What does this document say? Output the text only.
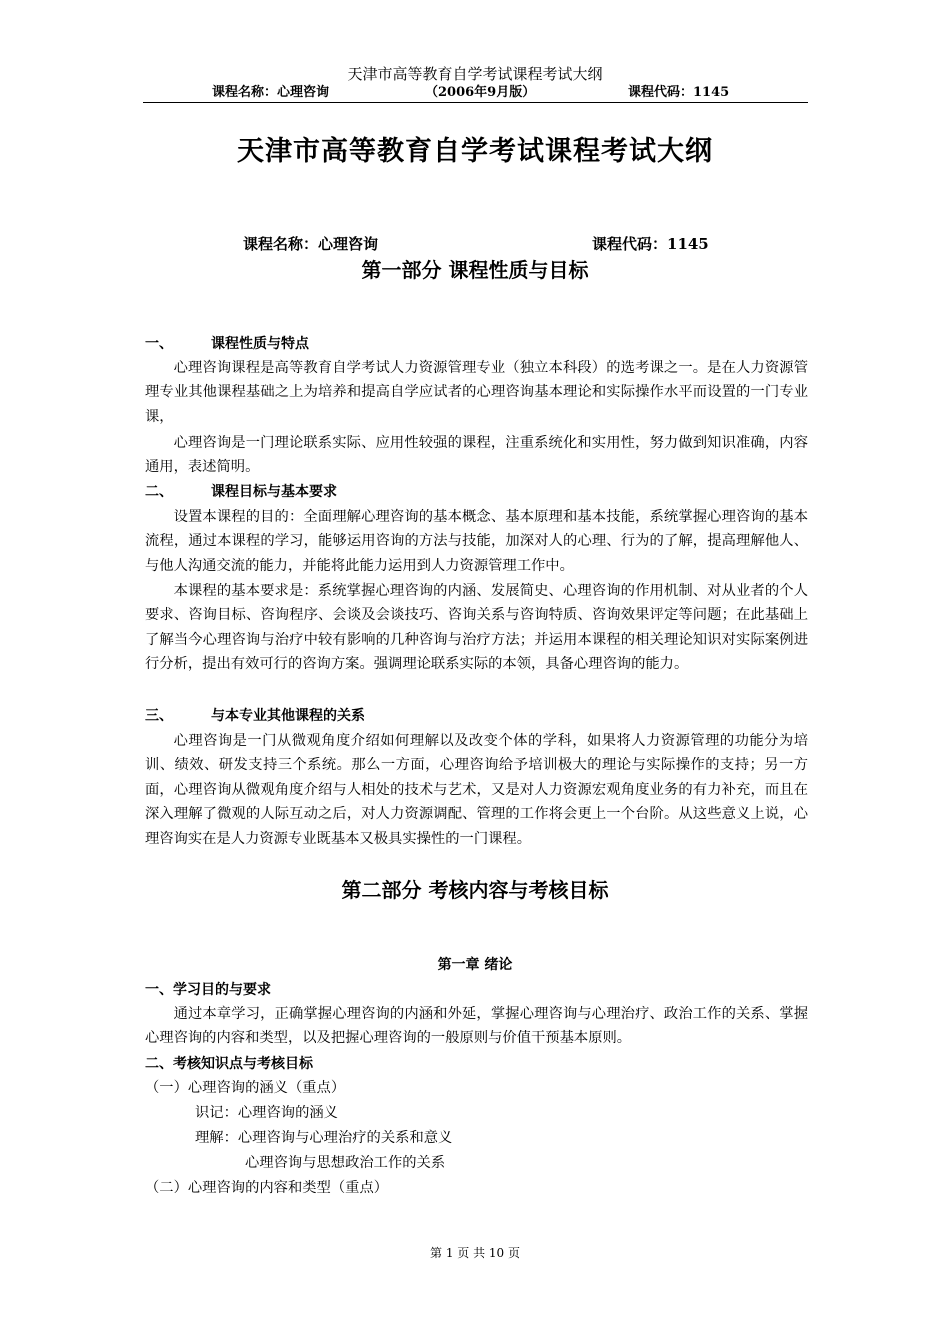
天津市高等教育自学考试课程考试大纲
课程名称：心理咨询	（2006年9月版）	课程代码：1145
天津市高等教育自学考试课程考试大纲
课程名称：心理咨询	课程代码：1145
第一部分 课程性质与目标
一、	课程性质与特点

心理咨询课程是高等教育自学考试人力资源管理专业（独立本科段）的选考课之一。是在人力资源管理专业其他课程基础之上为培养和提高自学应试者的心理咨询基本理论和实际操作水平而设置的一门专业课，

心理咨询是一门理论联系实际、应用性较强的课程，注重系统化和实用性，努力做到知识准确，内容通用，表述简明。

二、	课程目标与基本要求

设置本课程的目的：全面理解心理咨询的基本概念、基本原理和基本技能，系统掌握心理咨询的基本流程，通过本课程的学习，能够运用咨询的方法与技能，加深对人的心理、行为的了解，提高理解他人、与他人沟通交流的能力，并能将此能力运用到人力资源管理工作中。

本课程的基本要求是：系统掌握心理咨询的内涵、发展简史、心理咨询的作用机制、对从业者的个人要求、咨询目标、咨询程序、会谈及会谈技巧、咨询关系与咨询特质、咨询效果评定等问题；在此基础上了解当今心理咨询与治疗中较有影响的几种咨询与治疗方法；并运用本课程的相关理论知识对实际案例进行分析，提出有效可行的咨询方案。强调理论联系实际的本领，具备心理咨询的能力。

三、	与本专业其他课程的关系

心理咨询是一门从微观角度介绍如何理解以及改变个体的学科，如果将人力资源管理的功能分为培训、绩效、研发支持三个系统。那么一方面，心理咨询给予培训极大的理论与实际操作的支持；另一方面，心理咨询从微观角度介绍与人相处的技术与艺术，又是对人力资源宏观角度业务的有力补充，而且在深入理解了微观的人际互动之后，对人力资源调配、管理的工作将会更上一个台阶。从这些意义上说，心理咨询实在是人力资源专业既基本又极具实操性的一门课程。

第二部分 考核内容与考核目标
第一章 绪论
一、学习目的与要求

通过本章学习，正确掌握心理咨询的内涵和外延，掌握心理咨询与心理治疗、政治工作的关系、掌握心理咨询的内容和类型，以及把握心理咨询的一般原则与价值干预基本原则。

二、考核知识点与考核目标
（一）心理咨询的涵义（重点）
识记：心理咨询的涵义
理解：心理咨询与心理治疗的关系和意义
心理咨询与思想政治工作的关系
（二）心理咨询的内容和类型（重点）
第 1 页 共 10 页
